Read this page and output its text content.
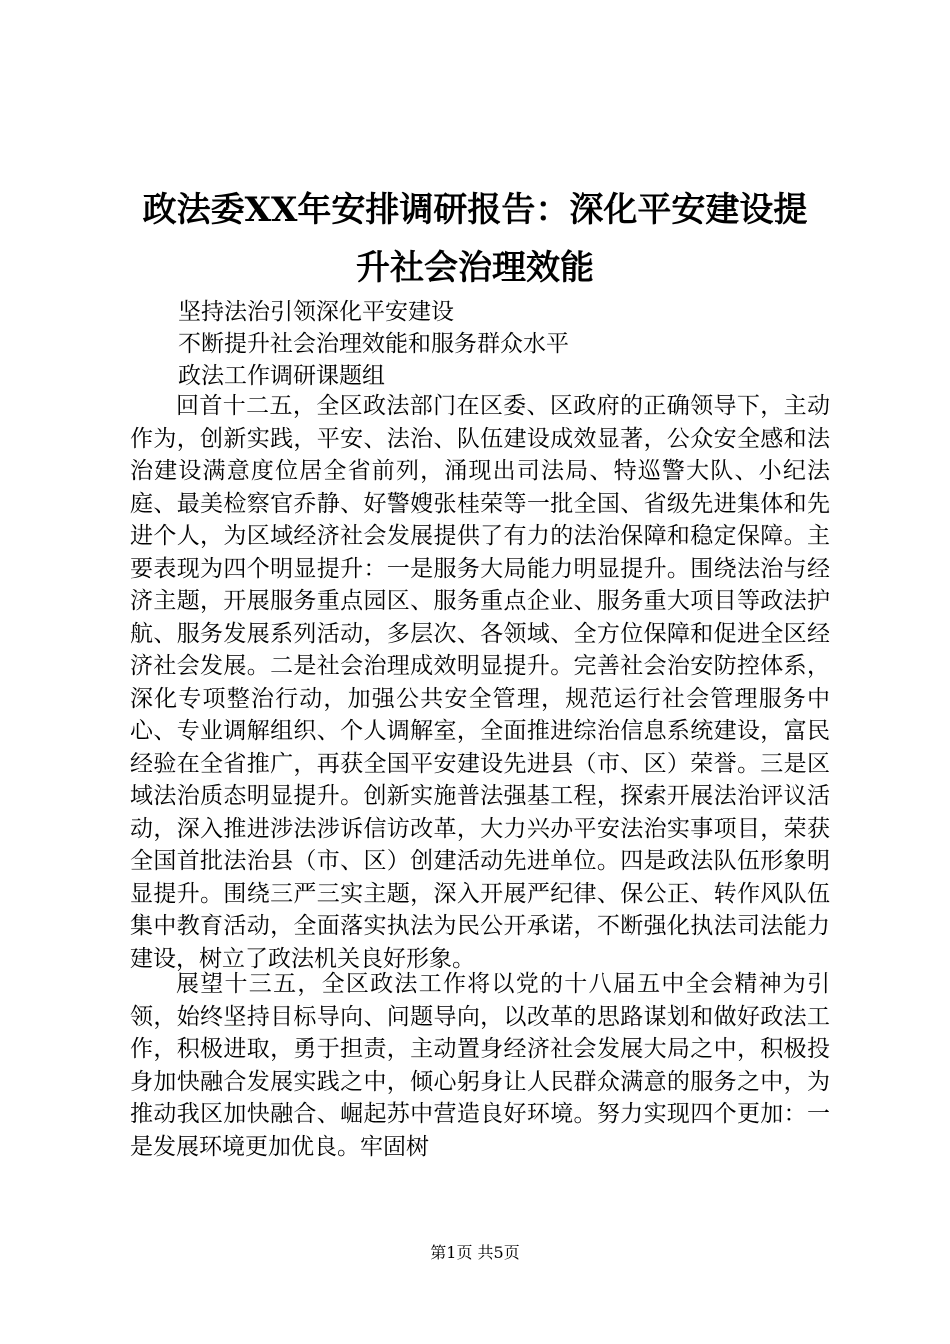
政法委XX年安排调研报告：深化平安建设提
升社会治理效能
坚持法治引领深化平安建设
不断提升社会治理效能和服务群众水平
政法工作调研课题组

回首十二五，全区政法部门在区委、区政府的正确领导下，主动作为，创新实践，平安、法治、队伍建设成效显著，公众安全感和法治建设满意度位居全省前列，涌现出司法局、特巡警大队、小纪法庭、最美检察官乔静、好警嫂张桂荣等一批全国、省级先进集体和先进个人，为区域经济社会发展提供了有力的法治保障和稳定保障。主要表现为四个明显提升：一是服务大局能力明显提升。围绕法治与经济主题，开展服务重点园区、服务重点企业、服务重大项目等政法护航、服务发展系列活动，多层次、各领域、全方位保障和促进全区经济社会发展。二是社会治理成效明显提升。完善社会治安防控体系，深化专项整治行动，加强公共安全管理，规范运行社会管理服务中心、专业调解组织、个人调解室，全面推进综治信息系统建设，富民经验在全省推广，再获全国平安建设先进县（市、区）荣誉。三是区域法治质态明显提升。创新实施普法强基工程，探索开展法治评议活动，深入推进涉法涉诉信访改革，大力兴办平安法治实事项目，荣获全国首批法治县（市、区）创建活动先进单位。四是政法队伍形象明显提升。围绕三严三实主题，深入开展严纪律、保公正、转作风队伍集中教育活动，全面落实执法为民公开承诺，不断强化执法司法能力建设，树立了政法机关良好形象。

展望十三五，全区政法工作将以党的十八届五中全会精神为引领，始终坚持目标导向、问题导向，以改革的思路谋划和做好政法工作，积极进取，勇于担责，主动置身经济社会发展大局之中，积极投身加快融合发展实践之中，倾心躬身让人民群众满意的服务之中，为推动我区加快融合、崛起苏中营造良好环境。努力实现四个更加：一是发展环境更加优良。牢固树

第1页 共5页
